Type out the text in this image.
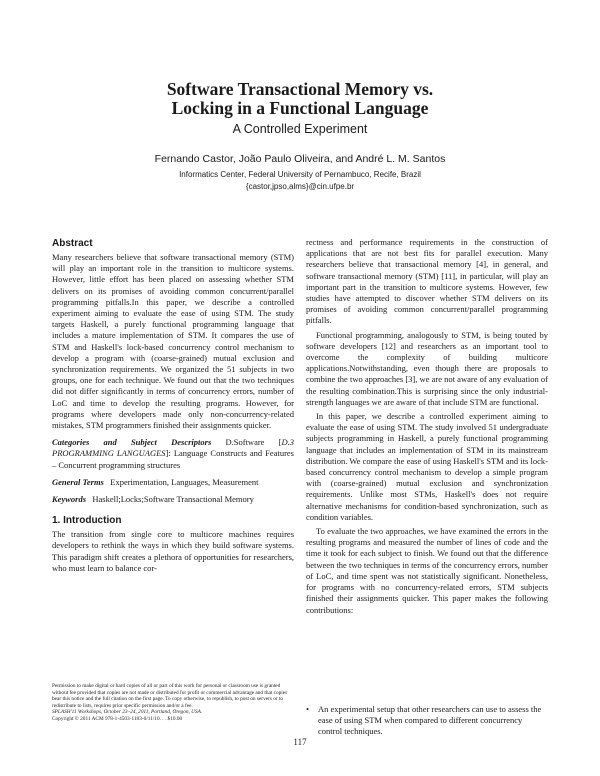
Software Transactional Memory vs.
Locking in a Functional Language
A Controlled Experiment
Fernando Castor, João Paulo Oliveira, and André L. M. Santos
Informatics Center, Federal University of Pernambuco, Recife, Brazil
{castor,jpso,alms}@cin.ufpe.br
Abstract

Many researchers believe that software transactional memory (STM) will play an important role in the transition to multicore systems. However, little effort has been placed on assessing whether STM delivers on its promises of avoiding common concurrent/parallel programming pitfalls.In this paper, we describe a controlled experiment aiming to evaluate the ease of using STM. The study targets Haskell, a purely functional programming language that includes a mature implementation of STM. It compares the use of STM and Haskell's lock-based concurrency control mechanism to develop a program with (coarse-grained) mutual exclusion and synchronization requirements. We organized the 51 subjects in two groups, one for each technique. We found out that the two techniques did not differ significantly in terms of concurrency errors, number of LoC and time to develop the resulting programs. However, for programs where developers made only non-concurrency-related mistakes, STM programmers finished their assignments quicker.

Categories and Subject Descriptors D.Software [D.3 PROGRAMMING LANGUAGES]: Language Constructs and Features – Concurrent programming structures

General Terms Experimentation, Languages, Measurement

Keywords Haskell;Locks;Software Transactional Memory

1. Introduction

The transition from single core to multicore machines requires developers to rethink the ways in which they build software systems. This paradigm shift creates a plethora of opportunities for researchers, who must learn to balance cor-

rectness and performance requirements in the construction of applications that are not best fits for parallel execution. Many researchers believe that transactional memory [4], in general, and software transactional memory (STM) [11], in particular, will play an important part in the transition to multicore systems. However, few studies have attempted to discover whether STM delivers on its promises of avoiding common concurrent/parallel programming pitfalls.

Functional programming, analogously to STM, is being touted by software developers [12] and researchers as an important tool to overcome the complexity of building multicore applications.Notwithstanding, even though there are proposals to combine the two approaches [3], we are not aware of any evaluation of the resulting combination.This is surprising since the only industrial-strength languages we are aware of that include STM are functional.

In this paper, we describe a controlled experiment aiming to evaluate the ease of using STM. The study involved 51 undergraduate subjects programming in Haskell, a purely functional programming language that includes an implementation of STM in its mainstream distribution. We compare the ease of using Haskell's STM and its lock-based concurrency control mechanism to develop a simple program with (coarse-grained) mutual exclusion and synchronization requirements. Unlike most STMs, Haskell's does not require alternative mechanisms for condition-based synchronization, such as condition variables.

To evaluate the two approaches, we have examined the errors in the resulting programs and measured the number of lines of code and the time it took for each subject to finish. We found out that the difference between the two techniques in terms of the concurrency errors, number of LoC, and time spent was not statistically significant. Nonetheless, for programs with no concurrency-related errors, STM subjects finished their assignments quicker. This paper makes the following contributions:

•	An experimental setup that other researchers can use to assess the ease of using STM when compared to different concurrency control techniques.
Permission to make digital or hard copies of all or part of this work for personal or classroom use is granted without fee provided that copies are not made or distributed for profit or commercial advantage and that copies bear this notice and the full citation on the first page. To copy otherwise, to republish, to post on servers or to redistribute to lists, requires prior specific permission and/or a fee.
SPLASH'11 Workshops, October 23–24, 2011, Portland, Oregon, USA.
Copyright © 2011 ACM 978-1-4503-1183-0/11/10. . . $10.00
117
